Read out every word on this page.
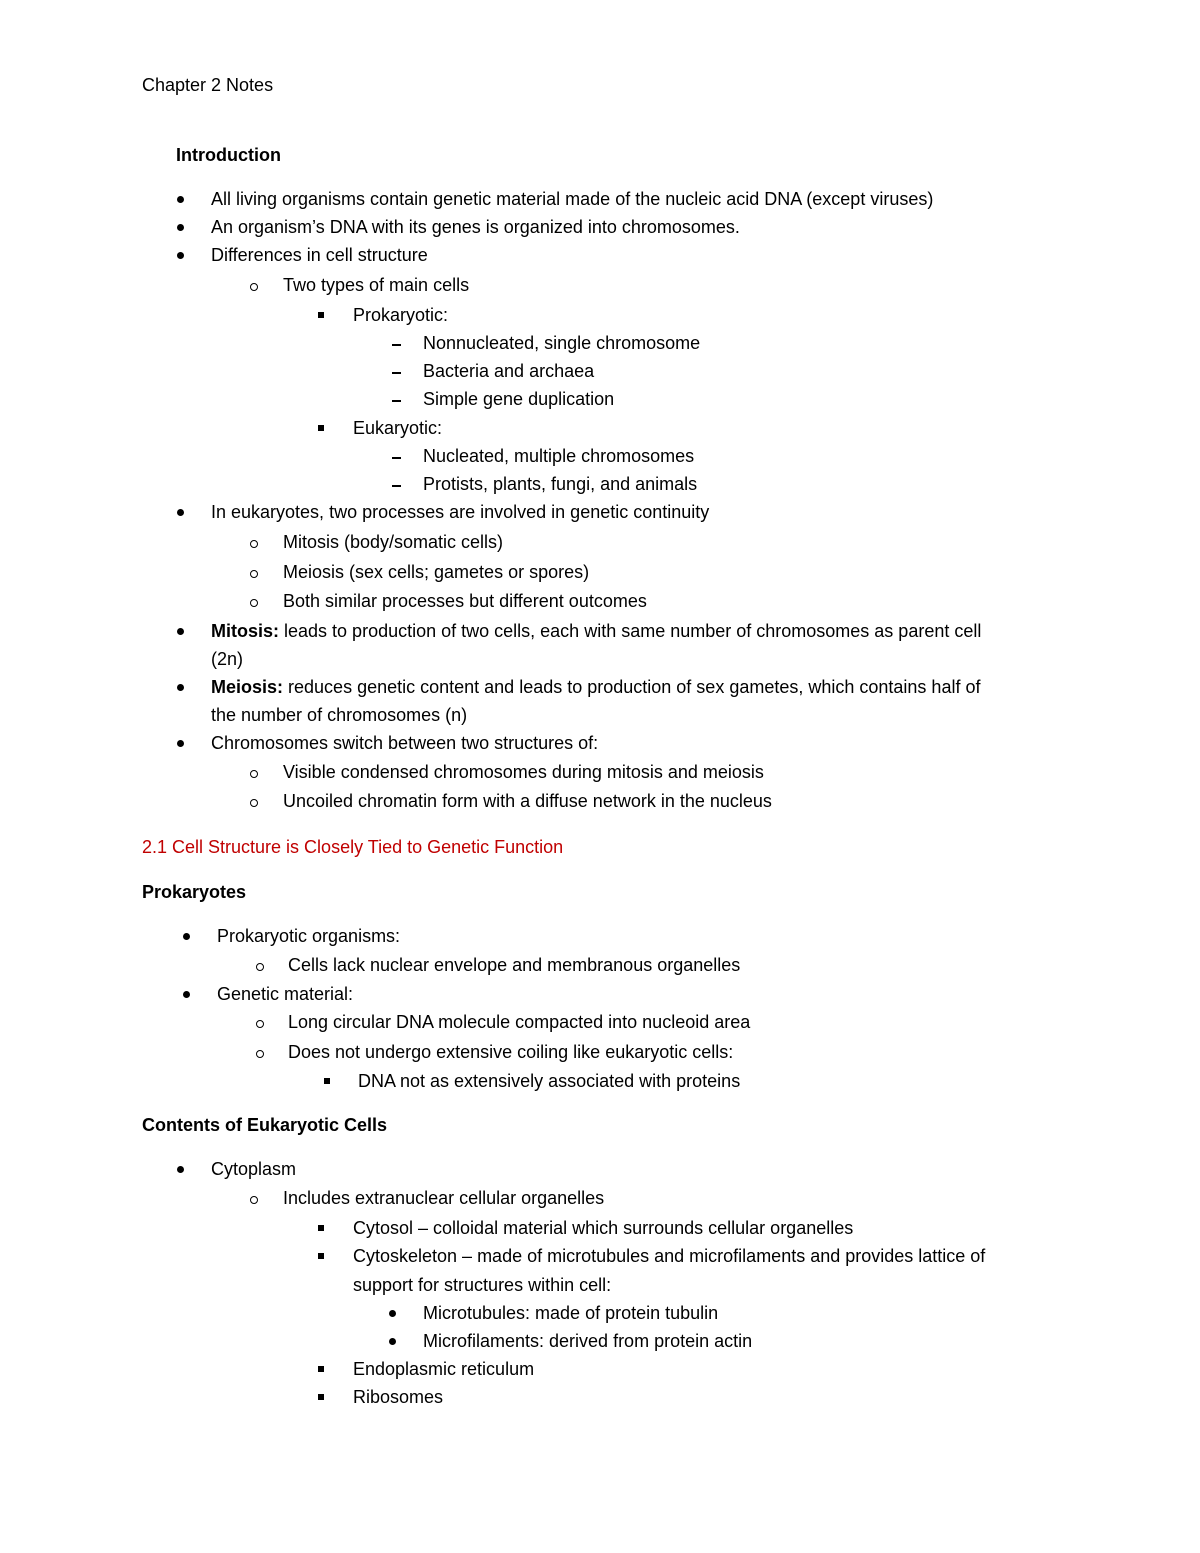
Chapter 2 Notes
Introduction
All living organisms contain genetic material made of the nucleic acid DNA (except viruses)
An organism’s DNA with its genes is organized into chromosomes.
Differences in cell structure
Two types of main cells
Prokaryotic:
Nonnucleated, single chromosome
Bacteria and archaea
Simple gene duplication
Eukaryotic:
Nucleated, multiple chromosomes
Protists, plants, fungi, and animals
In eukaryotes, two processes are involved in genetic continuity
Mitosis (body/somatic cells)
Meiosis (sex cells; gametes or spores)
Both similar processes but different outcomes
Mitosis: leads to production of two cells, each with same number of chromosomes as parent cell
(2n)
Meiosis: reduces genetic content and leads to production of sex gametes, which contains half of
the number of chromosomes (n)
Chromosomes switch between two structures of:
Visible condensed chromosomes during mitosis and meiosis
Uncoiled chromatin form with a diffuse network in the nucleus
2.1 Cell Structure is Closely Tied to Genetic Function
Prokaryotes
Prokaryotic organisms:
Cells lack nuclear envelope and membranous organelles
Genetic material:
Long circular DNA molecule compacted into nucleoid area
Does not undergo extensive coiling like eukaryotic cells:
DNA not as extensively associated with proteins
Contents of Eukaryotic Cells
Cytoplasm
Includes extranuclear cellular organelles
Cytosol – colloidal material which surrounds cellular organelles
Cytoskeleton – made of microtubules and microfilaments and provides lattice of
support for structures within cell:
Microtubules: made of protein tubulin
Microfilaments: derived from protein actin
Endoplasmic reticulum
Ribosomes
